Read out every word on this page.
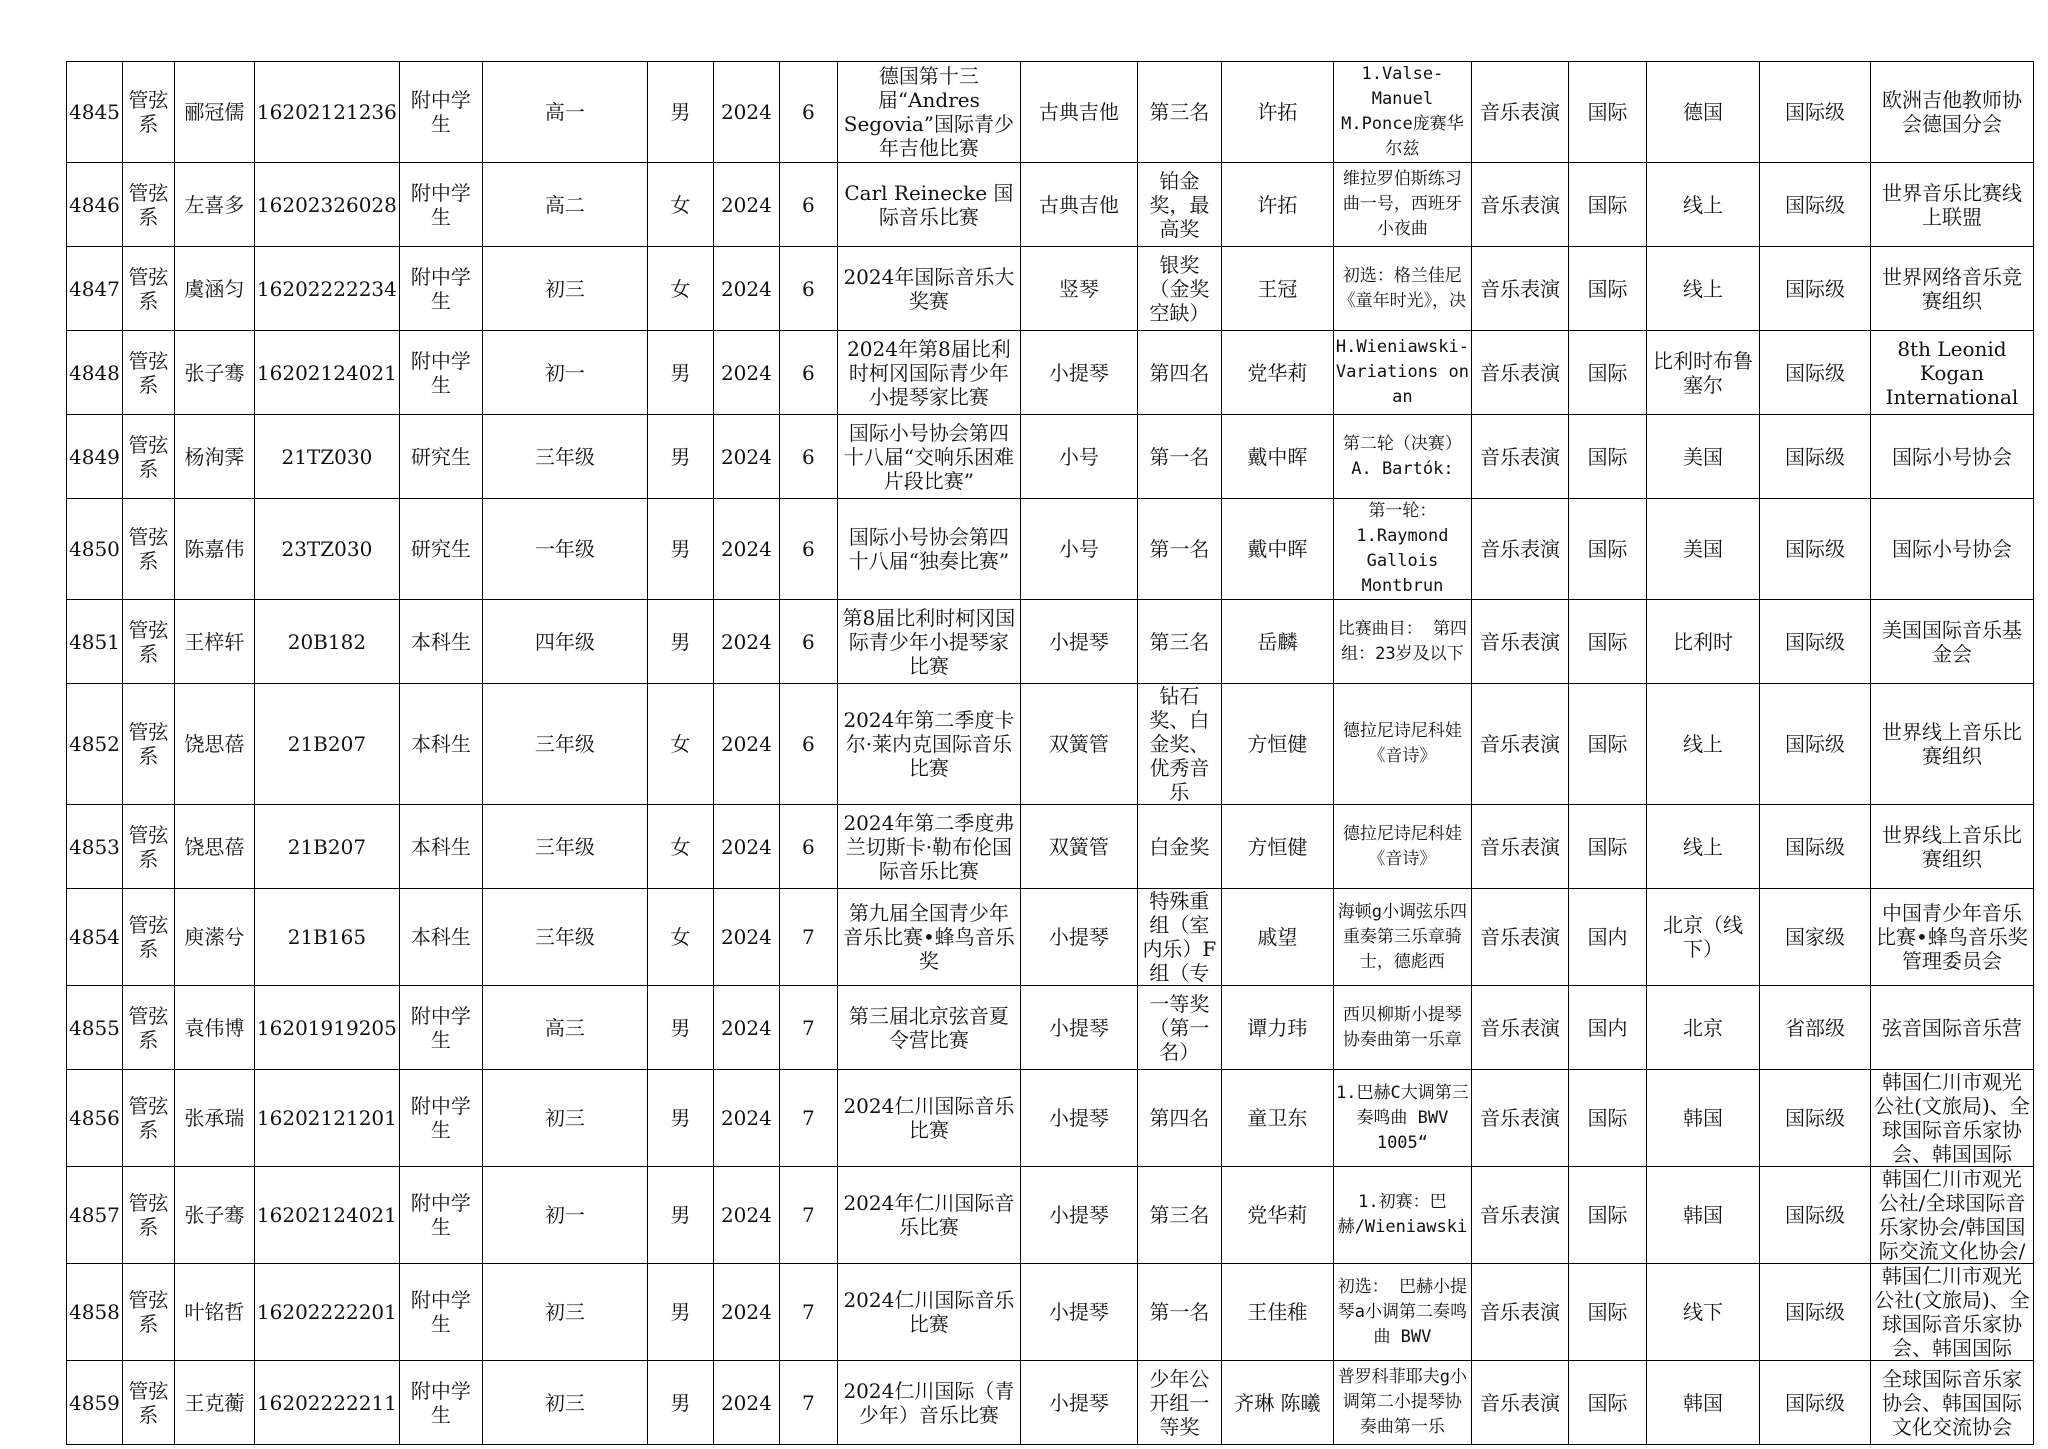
4845	管弦系	郦冠儒	16202121236	附中学生	高一	男	2024	6	德国第十三届“Andres Segovia”国际青少年吉他比赛	古典吉他	第三名	许拓	1.Valse-Manuel M.Ponce庞赛华尔兹	音乐表演	国际	德国	国际级	欧洲吉他教师协会德国分会
4846	管弦系	左喜多	16202326028	附中学生	高二	女	2024	6	Carl Reinecke 国际音乐比赛	古典吉他	铂金奖，最高奖	许拓	维拉罗伯斯练习曲一号，西班牙小夜曲	音乐表演	国际	线上	国际级	世界音乐比赛线上联盟
4847	管弦系	虞涵匀	16202222234	附中学生	初三	女	2024	6	2024年国际音乐大奖赛	竖琴	银奖（金奖空缺）	王冠	初选：格兰佳尼《童年时光》，决	音乐表演	国际	线上	国际级	世界网络音乐竞赛组织
4848	管弦系	张子骞	16202124021	附中学生	初一	男	2024	6	2024年第8届比利时柯冈国际青少年小提琴家比赛	小提琴	第四名	党华莉	H.Wieniawski-Variations on an	音乐表演	国际	比利时布鲁塞尔	国际级	8th Leonid Kogan International
4849	管弦系	杨洵霁	21TZ030	研究生	三年级	男	2024	6	国际小号协会第四十八届“交响乐困难片段比赛”	小号	第一名	戴中晖	第二轮（决赛） A. Bartók:	音乐表演	国际	美国	国际级	国际小号协会
4850	管弦系	陈嘉伟	23TZ030	研究生	一年级	男	2024	6	国际小号协会第四十八届“独奏比赛”	小号	第一名	戴中晖	第一轮：1.Raymond Gallois Montbrun	音乐表演	国际	美国	国际级	国际小号协会
4851	管弦系	王梓轩	20B182	本科生	四年级	男	2024	6	第8届比利时柯冈国际青少年小提琴家比赛	小提琴	第三名	岳麟	比赛曲目： 第四组：23岁及以下	音乐表演	国际	比利时	国际级	美国国际音乐基金会
4852	管弦系	饶思蓓	21B207	本科生	三年级	女	2024	6	2024年第二季度卡尔·莱内克国际音乐比赛	双簧管	钻石奖、白金奖、优秀音乐	方恒健	德拉尼诗尼科娃《音诗》	音乐表演	国际	线上	国际级	世界线上音乐比赛组织
4853	管弦系	饶思蓓	21B207	本科生	三年级	女	2024	6	2024年第二季度弗兰切斯卡·勒布伦国际音乐比赛	双簧管	白金奖	方恒健	德拉尼诗尼科娃《音诗》	音乐表演	国际	线上	国际级	世界线上音乐比赛组织
4854	管弦系	庾潆兮	21B165	本科生	三年级	女	2024	7	第九届全国青少年音乐比赛•蜂鸟音乐奖	小提琴	特殊重组（室内乐）F组（专	戚望	海顿g小调弦乐四重奏第三乐章骑士，德彪西	音乐表演	国内	北京（线下）	国家级	中国青少年音乐比赛•蜂鸟音乐奖管理委员会
4855	管弦系	袁伟博	16201919205	附中学生	高三	男	2024	7	第三届北京弦音夏令营比赛	小提琴	一等奖（第一名）	谭力玮	西贝柳斯小提琴协奏曲第一乐章	音乐表演	国内	北京	省部级	弦音国际音乐营
4856	管弦系	张承瑞	16202121201	附中学生	初三	男	2024	7	2024仁川国际音乐比赛	小提琴	第四名	童卫东	1.巴赫C大调第三奏鸣曲 BWV 1005“	音乐表演	国际	韩国	国际级	韩国仁川市观光公社(文旅局)、全球国际音乐家协会、韩国国际
4857	管弦系	张子骞	16202124021	附中学生	初一	男	2024	7	2024年仁川国际音乐比赛	小提琴	第三名	党华莉	1.初赛：巴赫/Wieniawski	音乐表演	国际	韩国	国际级	韩国仁川市观光公社/全球国际音乐家协会/韩国国际交流文化协会/
4858	管弦系	叶铭哲	16202222201	附中学生	初三	男	2024	7	2024仁川国际音乐比赛	小提琴	第一名	王佳稚	初选： 巴赫小提琴a小调第二奏鸣曲 BWV	音乐表演	国际	线下	国际级	韩国仁川市观光公社(文旅局)、全球国际音乐家协会、韩国国际
4859	管弦系	王克蘅	16202222211	附中学生	初三	男	2024	7	2024仁川国际（青少年）音乐比赛	小提琴	少年公开组一等奖	齐琳 陈曦	普罗科菲耶夫g小调第二小提琴协奏曲第一乐	音乐表演	国际	韩国	国际级	全球国际音乐家协会、韩国国际文化交流协会
